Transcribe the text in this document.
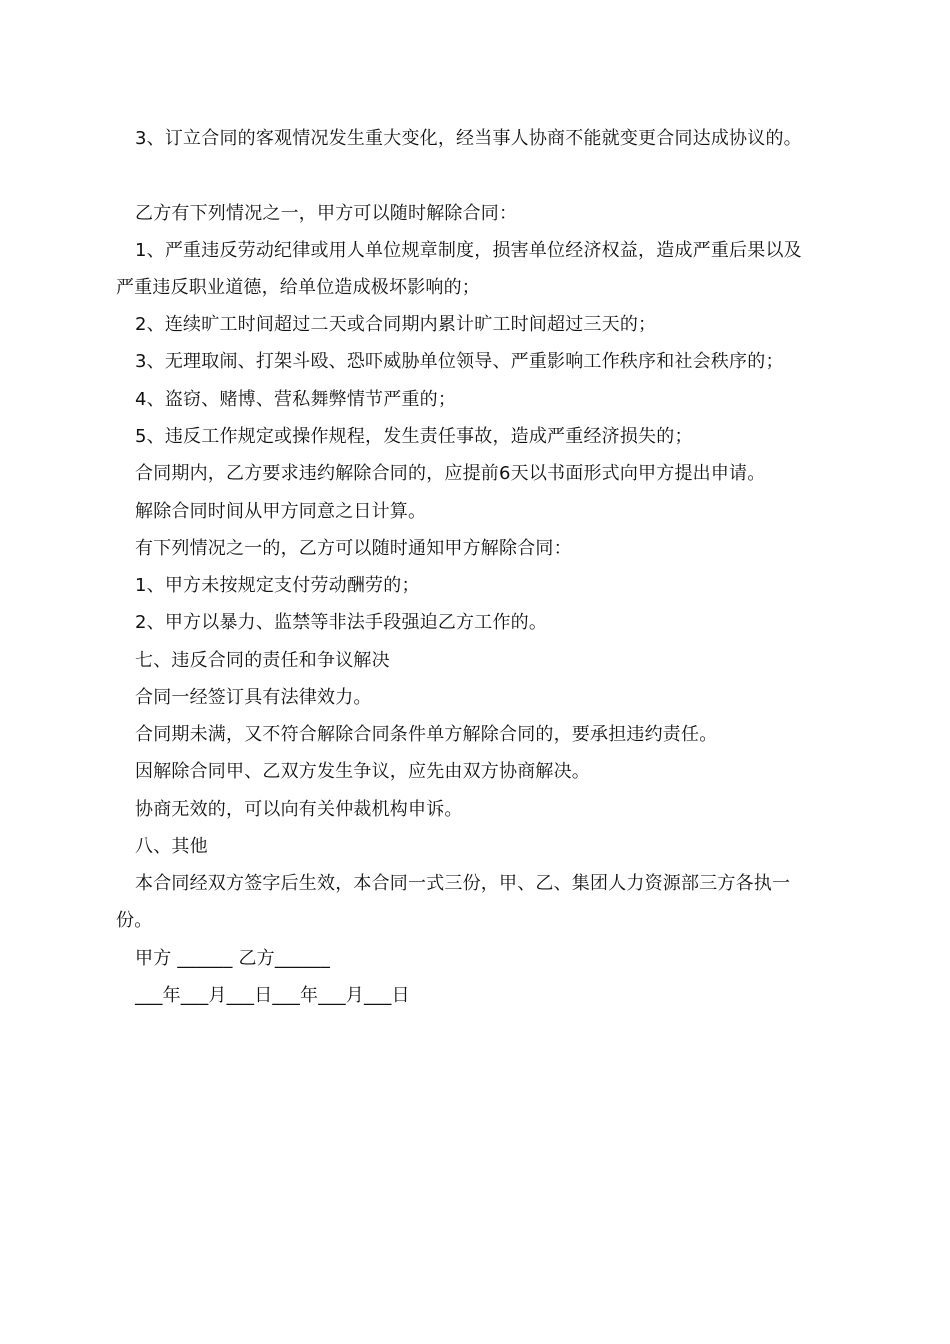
3、订立合同的客观情况发生重大变化，经当事人协商不能就变更合同达成协议的。
乙方有下列情况之一，甲方可以随时解除合同：
1、严重违反劳动纪律或用人单位规章制度，损害单位经济权益，造成严重后果以及
严重违反职业道德，给单位造成极坏影响的；
2、连续旷工时间超过二天或合同期内累计旷工时间超过三天的；
3、无理取闹、打架斗殴、恐吓威胁单位领导、严重影响工作秩序和社会秩序的；
4、盗窃、赌博、营私舞弊情节严重的；
5、违反工作规定或操作规程，发生责任事故，造成严重经济损失的；
合同期内，乙方要求违约解除合同的，应提前6天以书面形式向甲方提出申请。
解除合同时间从甲方同意之日计算。
有下列情况之一的，乙方可以随时通知甲方解除合同：
1、甲方未按规定支付劳动酬劳的；
2、甲方以暴力、监禁等非法手段强迫乙方工作的。
七、违反合同的责任和争议解决
合同一经签订具有法律效力。
合同期未满，又不符合解除合同条件单方解除合同的，要承担违约责任。
因解除合同甲、乙双方发生争议，应先由双方协商解决。
协商无效的，可以向有关仲裁机构申诉。
八、其他
本合同经双方签字后生效，本合同一式三份，甲、乙、集团人力资源部三方各执一
份。
甲方 ______ 乙方______
___年___月___日___年___月___日
